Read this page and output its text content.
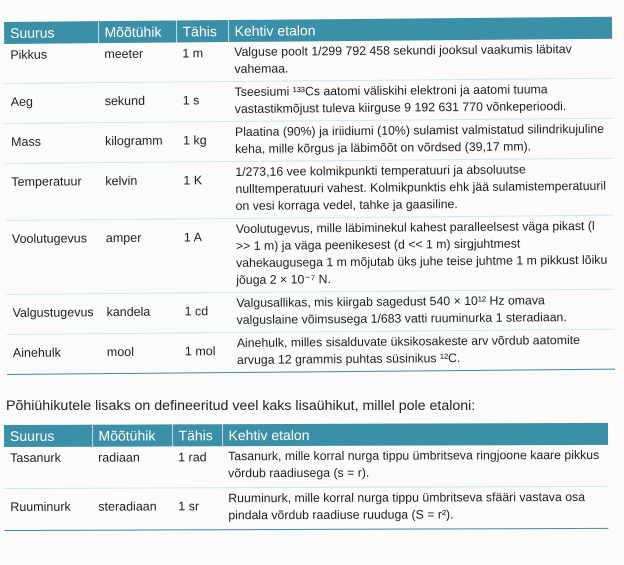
Suurus	Mõõtühik	Tähis	Kehtiv etalon
Pikkus	meeter	1 m	Valguse poolt 1/299 792 458 sekundi jooksul vaakumis läbitav vahemaa.
Aeg	sekund	1 s	Tseesiumi ¹³³Cs aatomi väliskihi elektroni ja aatomi tuuma vastastikmõjust tuleva kiirguse 9 192 631 770 võnkeperioodi.
Mass	kilogramm	1 kg	Plaatina (90%) ja iriidiumi (10%) sulamist valmistatud silindrikujuline keha, mille kõrgus ja läbimõõt on võrdsed (39,17 mm).
Temperatuur	kelvin	1 K	1/273,16 vee kolmikpunkti temperatuuri ja absoluutse nulltemperatuuri vahest. Kolmikpunktis ehk jää sulamistemperatuuril on vesi korraga vedel, tahke ja gaasiline.
Voolutugevus	amper	1 A	Voolutugevus, mille läbiminekul kahest paralleelsest väga pikast (l >> 1 m) ja väga peenikesest (d << 1 m) sirgjuhtmest vahekaugusega 1 m mõjutab üks juhe teise juhtme 1 m pikkust lõiku jõuga 2 × 10⁻⁷ N.
Valgustugevus	kandela	1 cd	Valgusallikas, mis kiirgab sagedust 540 × 10¹² Hz omava valguslaine võimsusega 1/683 vatti ruuminurka 1 steradiaan.
Ainehulk	mool	1 mol	Ainehulk, milles sisalduvate üksikosakeste arv võrdub aatomite arvuga 12 grammis puhtas süsinikus ¹²C.

Põhiühikutele lisaks on defineeritud veel kaks lisaühikut, millel pole etaloni:

Suurus	Mõõtühik	Tähis	Kehtiv etalon
Tasanurk	radiaan	1 rad	Tasanurk, mille korral nurga tippu ümbritseva ringjoone kaare pikkus võrdub raadiusega (s = r).
Ruuminurk	steradiaan	1 sr	Ruuminurk, mille korral nurga tippu ümbritseva sfääri vastava osa pindala võrdub raadiuse ruuduga (S = r²).
